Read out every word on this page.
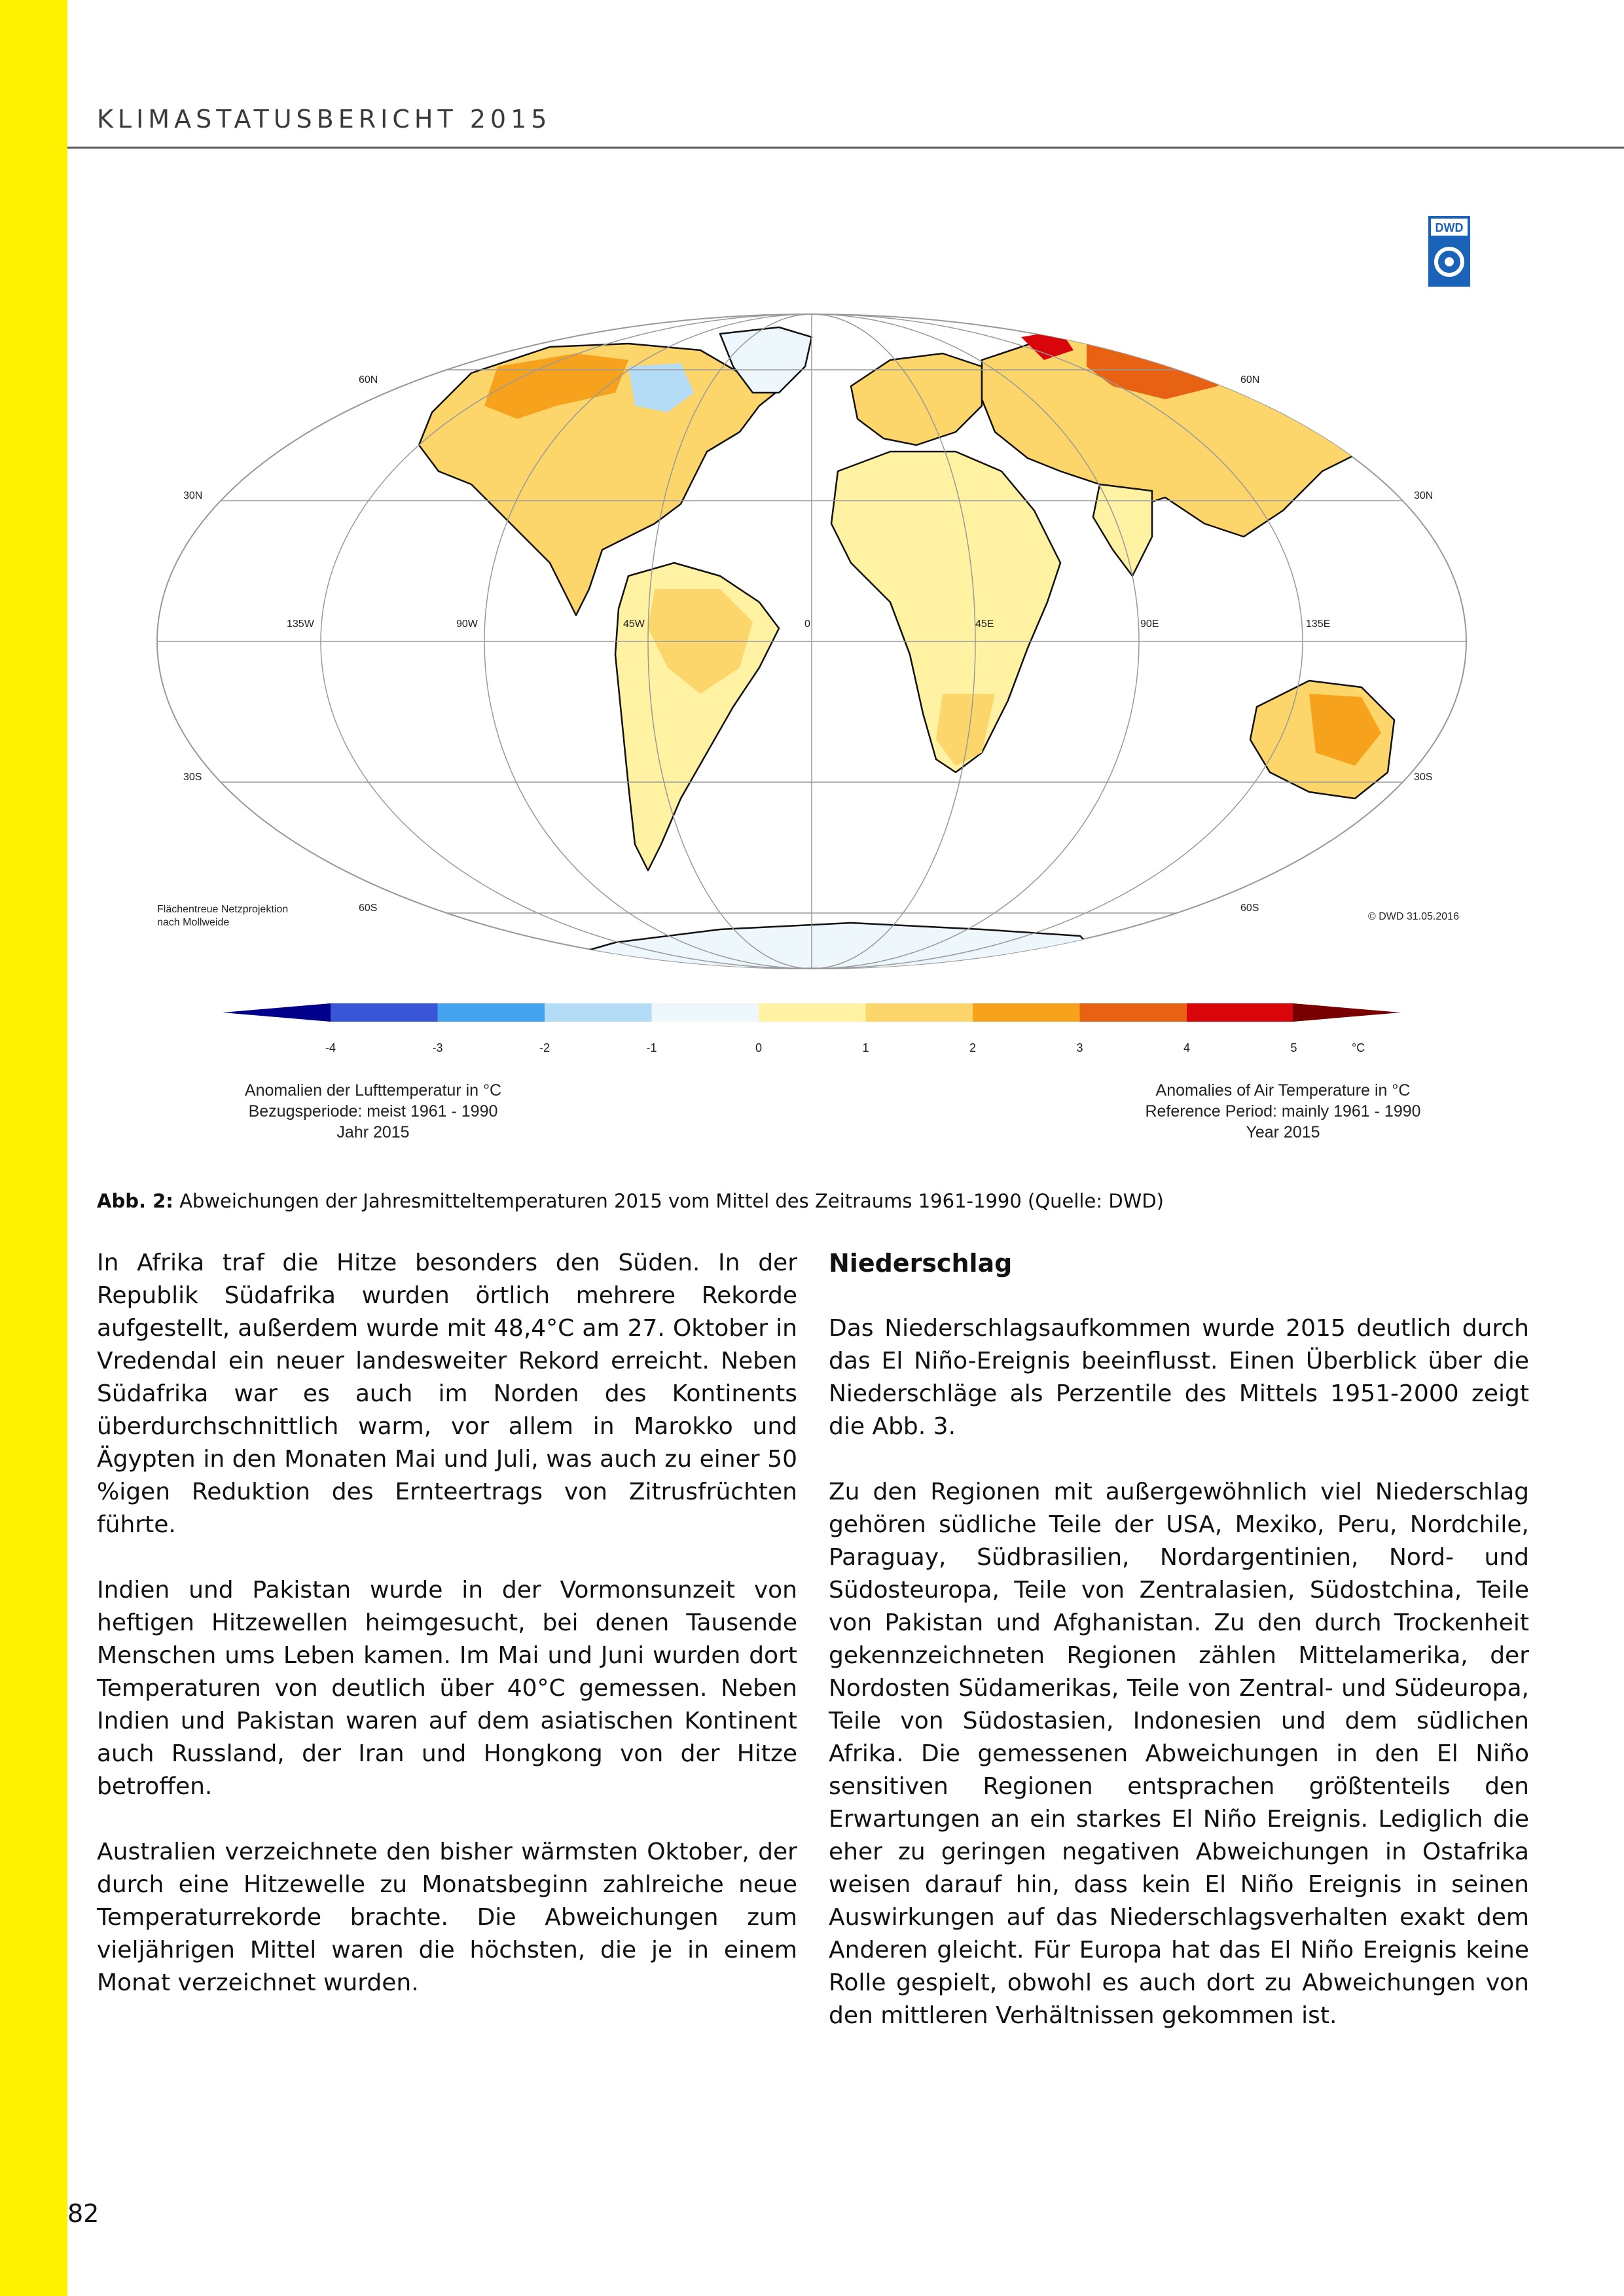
KLIMASTATUSBERICHT 2015
60N	60N
30N	30N
30S	30S
60S	60S
135W	90W	45W	0	45E	90E	135E
DWD
-4	-3	-2	-1	0	1	2	3	4	5	°C
Flächentreue Netzprojektion
nach Mollweide
© DWD 31.05.2016
Anomalien der Lufttemperatur in °C
Bezugsperiode: meist 1961 - 1990
Jahr 2015
Anomalies of Air Temperature in °C
Reference Period: mainly 1961 - 1990
Year 2015
Abb. 2: Abweichungen der Jahresmitteltemperaturen 2015 vom Mittel des Zeitraums 1961-1990 (Quelle: DWD)

In Afrika traf die Hitze besonders den Süden. In der Republik Südafrika wurden örtlich mehrere Rekorde aufgestellt, außerdem wurde mit 48,4°C am 27. Oktober in Vredendal ein neuer landesweiter Rekord erreicht. Neben Südafrika war es auch im Norden des Kontinents überdurchschnittlich warm, vor allem in Marokko und Ägypten in den Monaten Mai und Juli, was auch zu einer 50 %igen Reduktion des Ernteertrags von Zitrusfrüchten führte.

Indien und Pakistan wurde in der Vormonsunzeit von heftigen Hitzewellen heimgesucht, bei denen Tausende Menschen ums Leben kamen. Im Mai und Juni wurden dort Temperaturen von deutlich über 40°C gemessen. Neben Indien und Pakistan waren auf dem asiatischen Kontinent auch Russland, der Iran und Hongkong von der Hitze betroffen.

Australien verzeichnete den bisher wärmsten Oktober, der durch eine Hitzewelle zu Monatsbeginn zahlreiche neue Temperaturrekorde brachte. Die Abweichungen zum vieljährigen Mittel waren die höchsten, die je in einem Monat verzeichnet wurden.

Niederschlag

Das Niederschlagsaufkommen wurde 2015 deutlich durch das El Niño-Ereignis beeinflusst. Einen Überblick über die Niederschläge als Perzentile des Mittels 1951-2000 zeigt die Abb. 3.

Zu den Regionen mit außergewöhnlich viel Niederschlag gehören südliche Teile der USA, Mexiko, Peru, Nordchile, Paraguay, Südbrasilien, Nordargentinien, Nord- und Südosteuropa, Teile von Zentralasien, Südostchina, Teile von Pakistan und Afghanistan. Zu den durch Trockenheit gekennzeichneten Regionen zählen Mittelamerika, der Nordosten Südamerikas, Teile von Zentral- und Südeuropa, Teile von Südostasien, Indonesien und dem südlichen Afrika. Die gemessenen Abweichungen in den El Niño sensitiven Regionen entsprachen größtenteils den Erwartungen an ein starkes El Niño Ereignis. Lediglich die eher zu geringen negativen Abweichungen in Ostafrika weisen darauf hin, dass kein El Niño Ereignis in seinen Auswirkungen auf das Niederschlagsverhalten exakt dem Anderen gleicht. Für Europa hat das El Niño Ereignis keine Rolle gespielt, obwohl es auch dort zu Abweichungen von den mittleren Verhältnissen gekommen ist.

82
